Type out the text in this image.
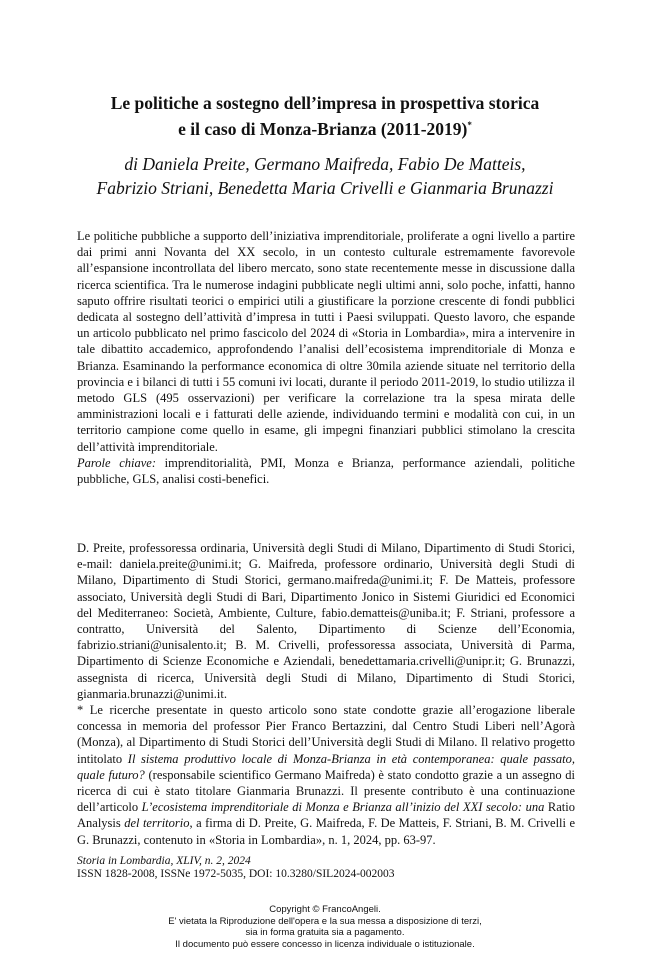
Le politiche a sostegno dell’impresa in prospettiva storica
e il caso di Monza-Brianza (2011-2019)*
di Daniela Preite, Germano Maifreda, Fabio De Matteis,
Fabrizio Striani, Benedetta Maria Crivelli e Gianmaria Brunazzi

Le politiche pubbliche a supporto dell’iniziativa imprenditoriale, proliferate a ogni livello a partire dai primi anni Novanta del XX secolo, in un contesto culturale estremamente favorevole all’espansione incontrollata del libero mercato, sono state recentemente messe in discussione dalla ricerca scientifica. Tra le numerose indagini pubblicate negli ultimi anni, solo poche, infatti, hanno saputo offrire risultati teorici o empirici utili a giustificare la porzione crescente di fondi pubblici dedicata al sostegno dell’attività d’impresa in tutti i Paesi sviluppati. Questo lavoro, che espande un articolo pubblicato nel primo fascicolo del 2024 di «Storia in Lombardia», mira a intervenire in tale dibattito accademico, approfondendo l’analisi dell’ecosistema imprenditoriale di Monza e Brianza. Esaminando la performance economica di oltre 30mila aziende situate nel territorio della provincia e i bilanci di tutti i 55 comuni ivi locati, durante il periodo 2011-2019, lo studio utilizza il metodo GLS (495 osservazioni) per verificare la correlazione tra la spesa mirata delle amministrazioni locali e i fatturati delle aziende, individuando termini e modalità con cui, in un territorio campione come quello in esame, gli impegni finanziari pubblici stimolano la crescita dell’attività imprenditoriale.

Parole chiave: imprenditorialità, PMI, Monza e Brianza, performance aziendali, politiche pubbliche, GLS, analisi costi-benefici.

D. Preite, professoressa ordinaria, Università degli Studi di Milano, Dipartimento di Studi Storici, e-mail: daniela.preite@unimi.it; G. Maifreda, professore ordinario, Università degli Studi di Milano, Dipartimento di Studi Storici, germano.maifreda@unimi.it; F. De Matteis, professore associato, Università degli Studi di Bari, Dipartimento Jonico in Sistemi Giuridici ed Economici del Mediterraneo: Società, Ambiente, Culture, fabio.dematteis@uniba.it; F. Striani, professore a contratto, Università del Salento, Dipartimento di Scienze dell’Economia, fabrizio.striani@unisalento.it; B. M. Crivelli, professoressa associata, Università di Parma, Dipartimento di Scienze Economiche e Aziendali, benedettamaria.crivelli@unipr.it; G. Brunazzi, assegnista di ricerca, Università degli Studi di Milano, Dipartimento di Studi Storici, gianmaria.brunazzi@unimi.it.

* Le ricerche presentate in questo articolo sono state condotte grazie all’erogazione liberale concessa in memoria del professor Pier Franco Bertazzini, dal Centro Studi Liberi nell’Agorà (Monza), al Dipartimento di Studi Storici dell’Università degli Studi di Milano. Il relativo progetto intitolato Il sistema produttivo locale di Monza-Brianza in età contemporanea: quale passato, quale futuro? (responsabile scientifico Germano Maifreda) è stato condotto grazie a un assegno di ricerca di cui è stato titolare Gianmaria Brunazzi. Il presente contributo è una continuazione dell’articolo L’ecosistema imprenditoriale di Monza e Brianza all’inizio del XXI secolo: una Ratio Analysis del territorio, a firma di D. Preite, G. Maifreda, F. De Matteis, F. Striani, B. M. Crivelli e G. Brunazzi, contenuto in «Storia in Lombardia», n. 1, 2024, pp. 63-97.

Storia in Lombardia, XLIV, n. 2, 2024
ISSN 1828-2008, ISSNe 1972-5035, DOI: 10.3280/SIL2024-002003
Copyright © FrancoAngeli.
E' vietata la Riproduzione dell'opera e la sua messa a disposizione di terzi,
sia in forma gratuita sia a pagamento.
Il documento può essere concesso in licenza individuale o istituzionale.
